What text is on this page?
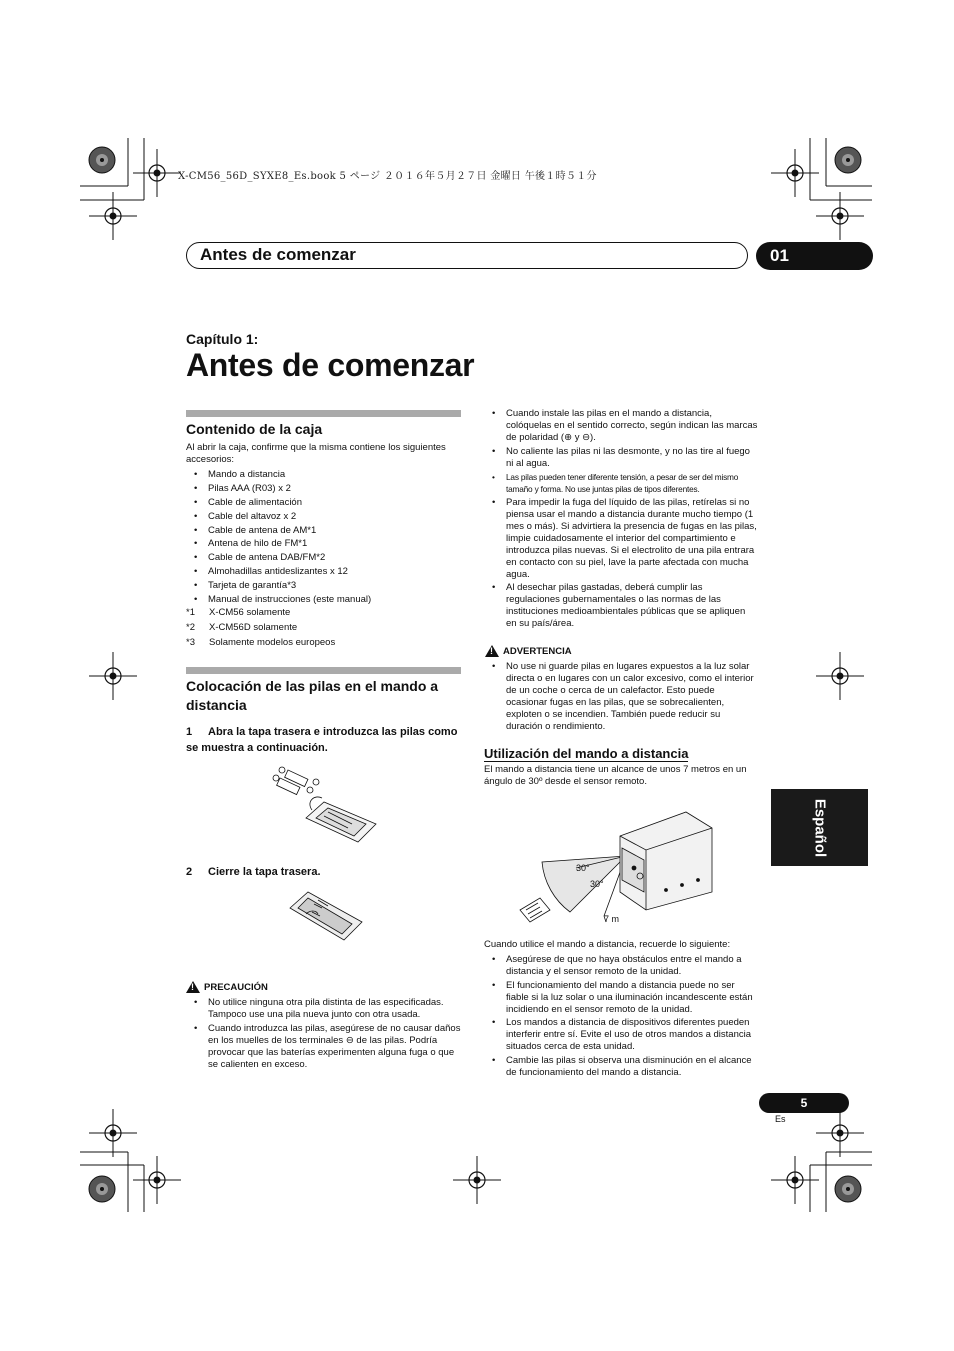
X-CM56_56D_SYXE8_Es.book 5 ページ ２０１６年５月２７日 金曜日 午後１時５１分
Antes de comenzar	01
Capítulo 1:
Antes de comenzar
Contenido de la caja
Al abrir la caja, confirme que la misma contiene los siguientes accesorios:
• Mando a distancia
• Pilas AAA (R03) x 2
• Cable de alimentación
• Cable del altavoz x 2
• Cable de antena de AM*1
• Antena de hilo de FM*1
• Cable de antena DAB/FM*2
• Almohadillas antideslizantes x 12
• Tarjeta de garantía*3
• Manual de instrucciones (este manual)
*1 X-CM56 solamente
*2 X-CM56D solamente
*3 Solamente modelos europeos
Colocación de las pilas en el mando a distancia
1 Abra la tapa trasera e introduzca las pilas como se muestra a continuación.
2 Cierre la tapa trasera.
!
PRECAUCIÓN
• No utilice ninguna otra pila distinta de las especificadas. Tampoco use una pila nueva junto con otra usada.
• Cuando introduzca las pilas, asegúrese de no causar daños en los muelles de los terminales ⊖ de las pilas. Podría provocar que las baterías experimenten alguna fuga o que se calienten en exceso.
• Cuando instale las pilas en el mando a distancia, colóquelas en el sentido correcto, según indican las marcas de polaridad (⊕ y ⊖).
• No caliente las pilas ni las desmonte, y no las tire al fuego ni al agua.
• Las pilas pueden tener diferente tensión, a pesar de ser del mismo tamaño y forma. No use juntas pilas de tipos diferentes.
• Para impedir la fuga del líquido de las pilas, retírelas si no piensa usar el mando a distancia durante mucho tiempo (1 mes o más). Si advirtiera la presencia de fugas en las pilas, limpie cuidadosamente el interior del compartimiento e introduzca pilas nuevas. Si el electrolito de una pila entrara en contacto con su piel, lave la parte afectada con mucha agua.
• Al desechar pilas gastadas, deberá cumplir las regulaciones gubernamentales o las normas de las instituciones medioambientales públicas que se apliquen en su país/área.
!
ADVERTENCIA
• No use ni guarde pilas en lugares expuestos a la luz solar directa o en lugares con un calor excesivo, como el interior de un coche o cerca de un calefactor. Esto puede ocasionar fugas en las pilas, que se sobrecalienten, exploten o se incendien. También puede reducir su duración o rendimiento.
Utilización del mando a distancia
El mando a distancia tiene un alcance de unos 7 metros en un ángulo de 30º desde el sensor remoto.
30°
30°
7 m
Cuando utilice el mando a distancia, recuerde lo siguiente:
• Asegúrese de que no haya obstáculos entre el mando a distancia y el sensor remoto de la unidad.
• El funcionamiento del mando a distancia puede no ser fiable si la luz solar o una iluminación incandescente están incidiendo en el sensor remoto de la unidad.
• Los mandos a distancia de dispositivos diferentes pueden interferir entre sí. Evite el uso de otros mandos a distancia situados cerca de esta unidad.
• Cambie las pilas si observa una disminución en el alcance de funcionamiento del mando a distancia.
Español
5
Es
